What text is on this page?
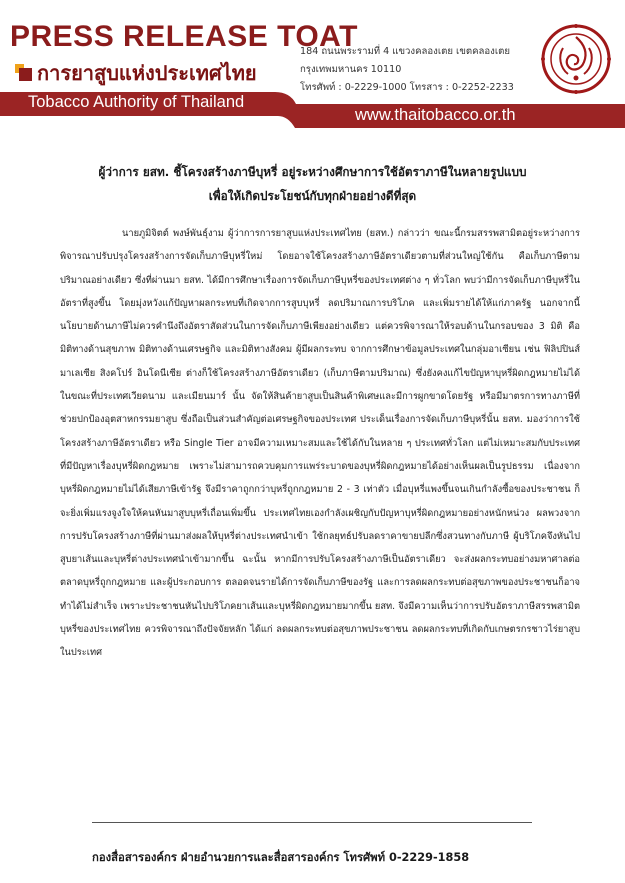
PRESS RELEASE TOAT
การยาสูบแห่งประเทศไทย
184 ถนนพระรามที่ 4 แขวงคลองเตย เขตคลองเตย
กรุงเทพมหานคร 10110
โทรศัพท์ : 0-2229-1000 โทรสาร : 0-2252-2233
Tobacco Authority of Thailand
www.thaitobacco.or.th
ผู้ว่าการ ยสท. ชี้โครงสร้างภาษีบุหรี่ อยู่ระหว่างศึกษาการใช้อัตราภาษีในหลายรูปแบบ
เพื่อให้เกิดประโยชน์กับทุกฝ่ายอย่างดีที่สุด
นายภูมิจิตต์ พงษ์พันธุ์งาม ผู้ว่าการการยาสูบแห่งประเทศไทย (ยสท.) กล่าวว่า ขณะนี้กรมสรรพสามิตอยู่ระหว่างการพิจารณาปรับปรุงโครงสร้างการจัดเก็บภาษีบุหรี่ใหม่ โดยอาจใช้โครงสร้างภาษีอัตราเดียวตามที่ส่วนใหญ่ใช้กัน คือเก็บภาษีตามปริมาณอย่างเดียว ซึ่งที่ผ่านมา ยสท. ได้มีการศึกษาเรื่องการจัดเก็บภาษีบุหรี่ของประเทศต่าง ๆ ทั่วโลก พบว่ามีการจัดเก็บภาษีบุหรี่ในอัตราที่สูงขึ้น โดยมุ่งหวังแก้ปัญหาผลกระทบที่เกิดจากการสูบบุหรี่ ลดปริมาณการบริโภค และเพิ่มรายได้ให้แก่ภาครัฐ นอกจากนี้ นโยบายด้านภาษีไม่ควรคำนึงถึงอัตราสัดส่วนในการจัดเก็บภาษีเพียงอย่างเดียว แต่ควรพิจารณาให้รอบด้านในกรอบของ 3 มิติ คือ มิติทางด้านสุขภาพ มิติทางด้านเศรษฐกิจ และมิติทางสังคม ผู้มีผลกระทบ จากการศึกษาข้อมูลประเทศในกลุ่มอาเซียน เช่น ฟิลิปปินส์ มาเลเซีย สิงคโปร์ อินโดนีเซีย ต่างก็ใช้โครงสร้างภาษีอัตราเดียว (เก็บภาษีตามปริมาณ) ซึ่งยังคงแก้ไขปัญหาบุหรี่ผิดกฎหมายไม่ได้ ในขณะที่ประเทศเวียดนาม และเมียนมาร์ นั้น จัดให้สินค้ายาสูบเป็นสินค้าพิเศษและมีการผูกขาดโดยรัฐ หรือมีมาตรการทางภาษีที่ช่วยปกป้องอุตสาหกรรมยาสูบ ซึ่งถือเป็นส่วนสำคัญต่อเศรษฐกิจของประเทศ ประเด็นเรื่องการจัดเก็บภาษีบุหรี่นั้น ยสท. มองว่าการใช้โครงสร้างภาษีอัตราเดียว หรือ Single Tier อาจมีความเหมาะสมและใช้ได้กับในหลาย ๆ ประเทศทั่วโลก แต่ไม่เหมาะสมกับประเทศที่มีปัญหาเรื่องบุหรี่ผิดกฎหมาย เพราะไม่สามารถควบคุมการแพร่ระบาดของบุหรี่ผิดกฎหมายได้อย่างเห็นผลเป็นรูปธรรม เนื่องจากบุหรี่ผิดกฎหมายไม่ได้เสียภาษีเข้ารัฐ จึงมีราคาถูกกว่าบุหรี่ถูกกฎหมาย 2 - 3 เท่าตัว เมื่อบุหรี่แพงขึ้นจนเกินกำลังซื้อของประชาชน ก็จะยิ่งเพิ่มแรงจูงใจให้คนหันมาสูบบุหรี่เถื่อนเพิ่มขึ้น ประเทศไทยเองกำลังเผชิญกับปัญหาบุหรี่ผิดกฎหมายอย่างหนักหน่วง ผลพวงจากการปรับโครงสร้างภาษีที่ผ่านมาส่งผลให้บุหรี่ต่างประเทศนำเข้า ใช้กลยุทธ์ปรับลดราคาขายปลีกซึ่งสวนทางกับภาษี ผู้บริโภคจึงหันไปสูบยาเส้นและบุหรี่ต่างประเทศนำเข้ามากขึ้น ฉะนั้น หากมีการปรับโครงสร้างภาษีเป็นอัตราเดียว จะส่งผลกระทบอย่างมหาศาลต่อตลาดบุหรี่ถูกกฎหมาย และผู้ประกอบการ ตลอดจนรายได้การจัดเก็บภาษีของรัฐ และการลดผลกระทบต่อสุขภาพของประชาชนก็อาจทำได้ไม่สำเร็จ เพราะประชาชนหันไปบริโภคยาเส้นและบุหรี่ผิดกฎหมายมากขึ้น ยสท. จึงมีความเห็นว่าการปรับอัตราภาษีสรรพสามิตบุหรี่ของประเทศไทย ควรพิจารณาถึงปัจจัยหลัก ได้แก่ ลดผลกระทบต่อสุขภาพประชาชน ลดผลกระทบที่เกิดกับเกษตรกรชาวไร่ยาสูบในประเทศ
กองสื่อสารองค์กร ฝ่ายอำนวยการและสื่อสารองค์กร โทรศัพท์ 0-2229-1858
